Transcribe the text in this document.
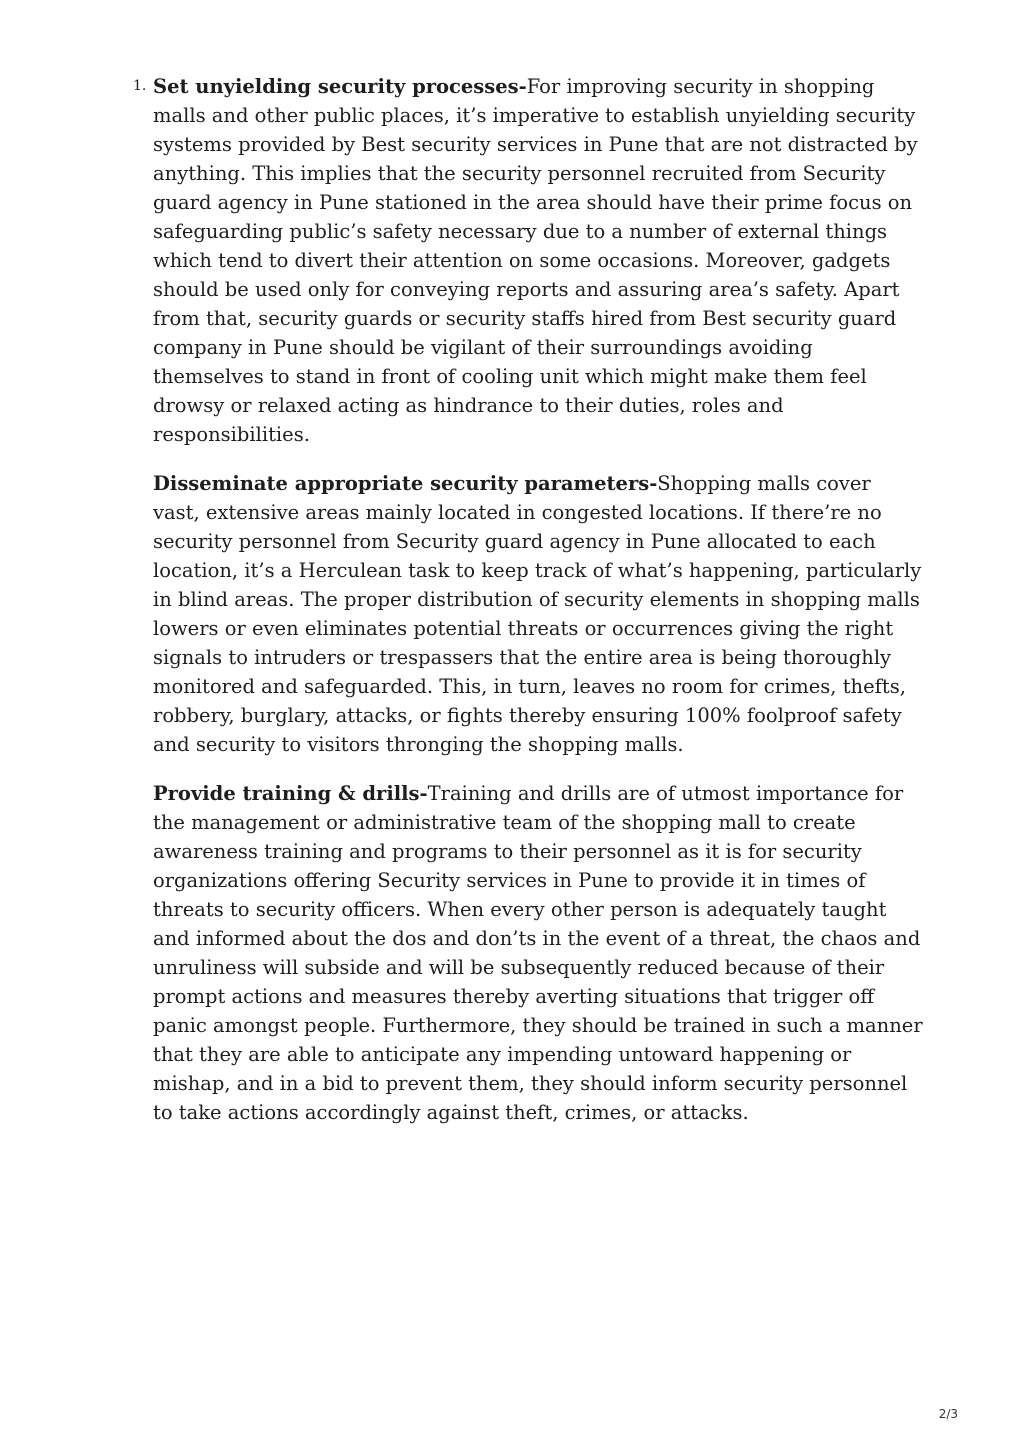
1. Set unyielding security processes-For improving security in shopping malls and other public places, it’s imperative to establish unyielding security systems provided by Best security services in Pune that are not distracted by anything. This implies that the security personnel recruited from Security guard agency in Pune stationed in the area should have their prime focus on safeguarding public’s safety necessary due to a number of external things which tend to divert their attention on some occasions. Moreover, gadgets should be used only for conveying reports and assuring area’s safety. Apart from that, security guards or security staffs hired from Best security guard company in Pune should be vigilant of their surroundings avoiding themselves to stand in front of cooling unit which might make them feel drowsy or relaxed acting as hindrance to their duties, roles and responsibilities.

Disseminate appropriate security parameters-Shopping malls cover vast, extensive areas mainly located in congested locations. If there’re no security personnel from Security guard agency in Pune allocated to each location, it’s a Herculean task to keep track of what’s happening, particularly in blind areas. The proper distribution of security elements in shopping malls lowers or even eliminates potential threats or occurrences giving the right signals to intruders or trespassers that the entire area is being thoroughly monitored and safeguarded. This, in turn, leaves no room for crimes, thefts, robbery, burglary, attacks, or fights thereby ensuring 100% foolproof safety and security to visitors thronging the shopping malls.

Provide training & drills-Training and drills are of utmost importance for the management or administrative team of the shopping mall to create awareness training and programs to their personnel as it is for security organizations offering Security services in Pune to provide it in times of threats to security officers. When every other person is adequately taught and informed about the dos and don’ts in the event of a threat, the chaos and unruliness will subside and will be subsequently reduced because of their prompt actions and measures thereby averting situations that trigger off panic amongst people. Furthermore, they should be trained in such a manner that they are able to anticipate any impending untoward happening or mishap, and in a bid to prevent them, they should inform security personnel to take actions accordingly against theft, crimes, or attacks.

2/3
